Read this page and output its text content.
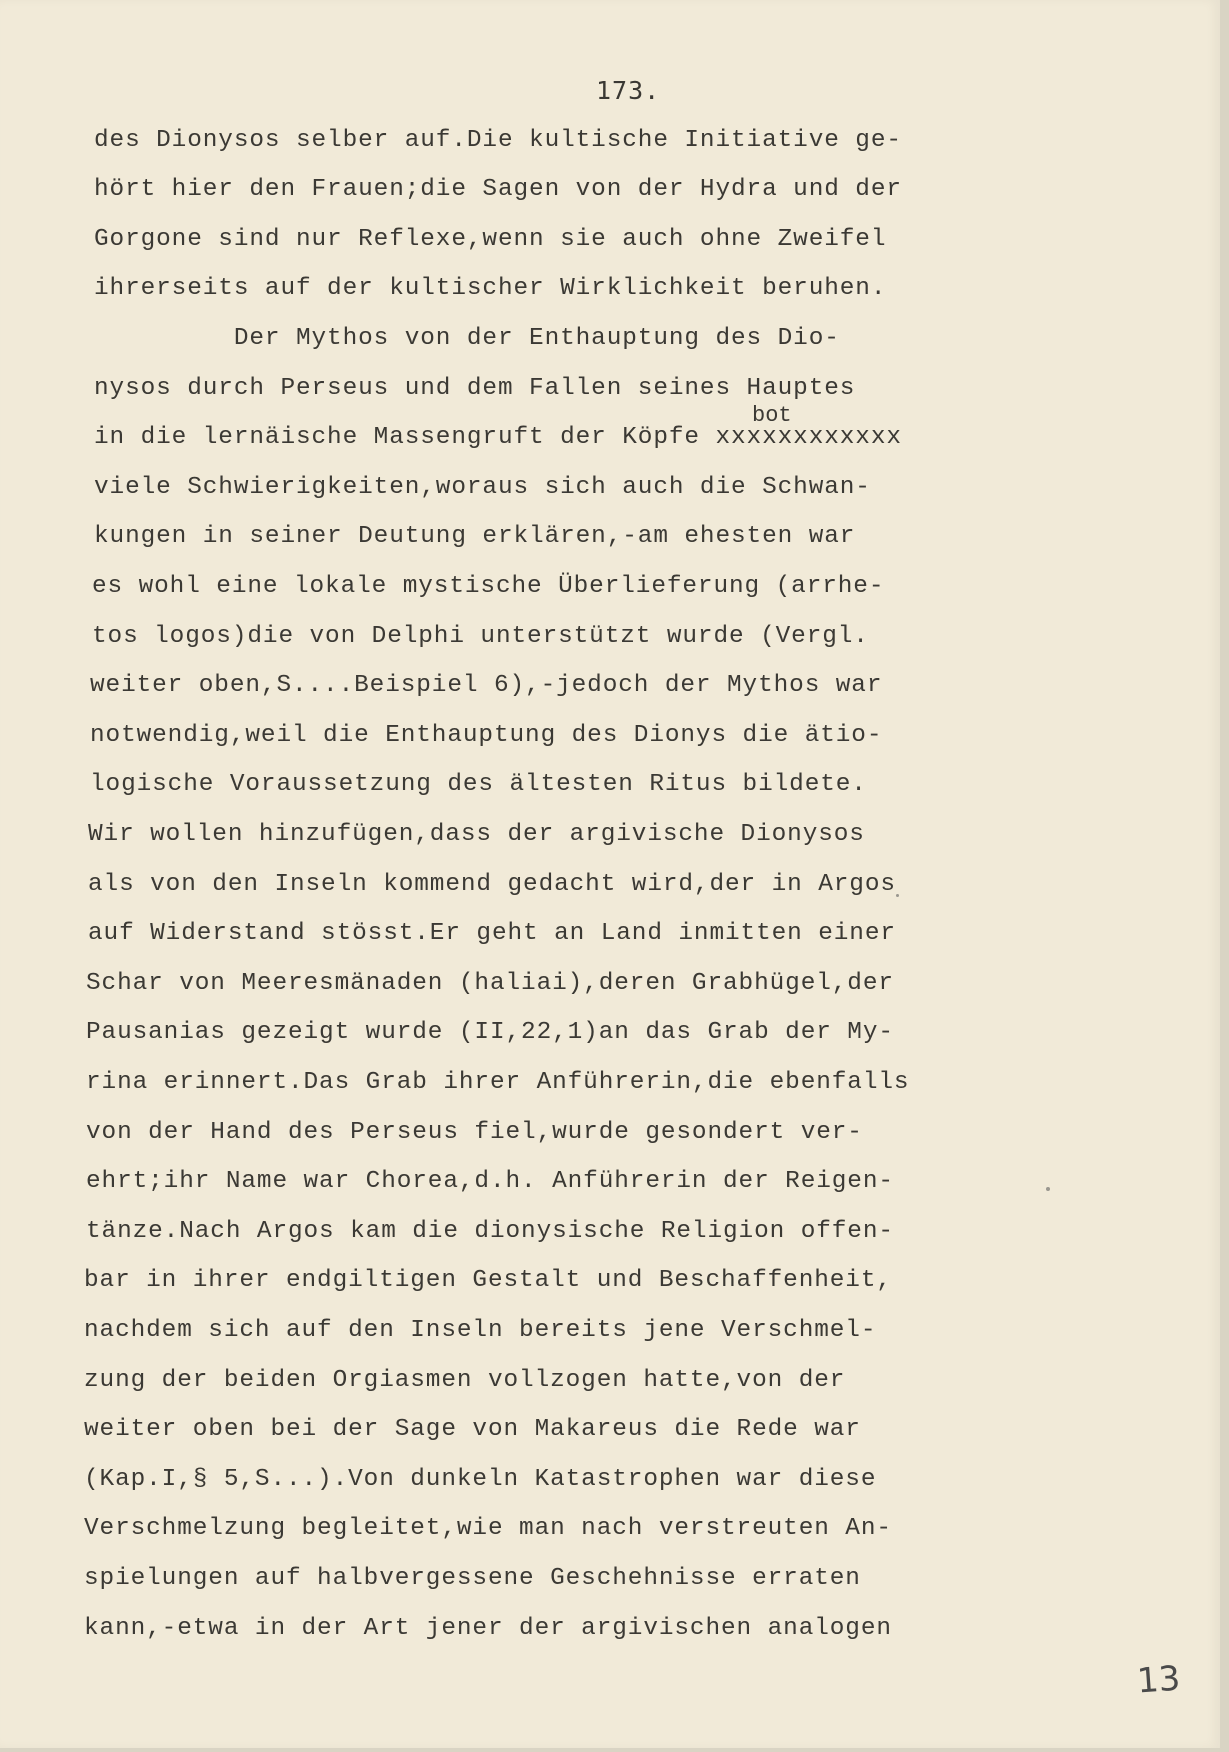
173.
bot
des Dionysos selber auf.Die kultische Initiative ge-
hört hier den Frauen;die Sagen von der Hydra und der
Gorgone sind nur Reflexe,wenn sie auch ohne Zweifel
ihrerseits auf der kultischer Wirklichkeit beruhen.
Der Mythos von der Enthauptung des Dio-
nysos durch Perseus und dem Fallen seines Hauptes
in die lernäische Massengruft der Köpfe xxxxxxxxxxxx
viele Schwierigkeiten,woraus sich auch die Schwan-
kungen in seiner Deutung erklären,-am ehesten war
es wohl eine lokale mystische Überlieferung (arrhe-
tos logos)die von Delphi unterstützt wurde (Vergl.
weiter oben,S....Beispiel 6),-jedoch der Mythos war
notwendig,weil die Enthauptung des Dionys die ätio-
logische Voraussetzung des ältesten Ritus bildete.
Wir wollen hinzufügen,dass der argivische Dionysos
als von den Inseln kommend gedacht wird,der in Argos
auf Widerstand stösst.Er geht an Land inmitten einer
Schar von Meeresmänaden (haliai),deren Grabhügel,der
Pausanias gezeigt wurde (II,22,1)an das Grab der My-
rina erinnert.Das Grab ihrer Anführerin,die ebenfalls
von der Hand des Perseus fiel,wurde gesondert ver-
ehrt;ihr Name war Chorea,d.h. Anführerin der Reigen-
tänze.Nach Argos kam die dionysische Religion offen-
bar in ihrer endgiltigen Gestalt und Beschaffenheit,
nachdem sich auf den Inseln bereits jene Verschmel-
zung der beiden Orgiasmen vollzogen hatte,von der
weiter oben bei der Sage von Makareus die Rede war
(Kap.I,§ 5,S...).Von dunkeln Katastrophen war diese
Verschmelzung begleitet,wie man nach verstreuten An-
spielungen auf halbvergessene Geschehnisse erraten
kann,-etwa in der Art jener der argivischen analogen
13
